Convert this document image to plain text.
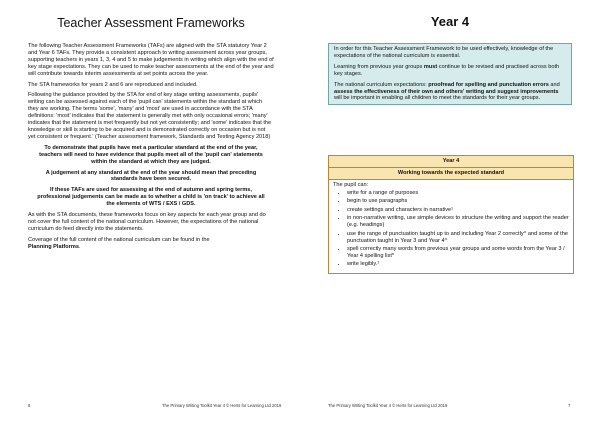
Teacher Assessment Frameworks

The following Teacher Assessment Frameworks (TAFs) are aligned with the STA statutory Year 2 and Year 6 TAFs. They provide a consistent approach to writing assessment across year groups, supporting teachers in years 1, 3, 4 and 5 to make judgements in writing which align with the end of key stage expectations. They can be used to make teacher assessments at the end of the year and will contribute towards interim assessments at set points across the year.

The STA frameworks for years 2 and 6 are reproduced and included.

Following the guidance provided by the STA for end of key stage writing assessments, pupils' writing can be assessed against each of the 'pupil can' statements within the standard at which they are working. The terms 'some', 'many' and 'most' are used in accordance with the STA definitions: 'most' indicates that the statement is generally met with only occasional errors; 'many' indicates that the statement is met frequently but not yet consistently; and 'some' indicates that the knowledge or skill is starting to be acquired and is demonstrated correctly on occasion but is not yet consistent or frequent.' (Teacher assessment framework, Standards and Testing Agency 2018)

To demonstrate that pupils have met a particular standard at the end of the year, teachers will need to have evidence that pupils meet all of the 'pupil can' statements within the standard at which they are judged.

A judgement at any standard at the end of the year should mean that preceding standards have been secured.

If these TAFs are used for assessing at the end of autumn and spring terms, professional judgements can be made as to whether a child is 'on track' to achieve all the elements of WTS / EXS / GDS.

As with the STA documents, these frameworks focus on key aspects for each year group and do not cover the full content of the national curriculum. However, the expectations of the national curriculum do feed directly into the statements.

Coverage of the full content of the national curriculum can be found in the
Planning Platforms.

6	The Primary Writing Toolkit Year 4 © Herts for Learning Ltd 2019
Year 4

In order for this Teacher Assessment Framework to be used effectively, knowledge of the expectations of the national curriculum is essential.

Learning from previous year groups must continue to be revised and practised across both key stages.

The national curriculum expectations: proofread for spelling and punctuation errors and assess the effectiveness of their own and others' writing and suggest improvements will be important in enabling all children to meet the standards for their year groups.

Year 4
Working towards the expected standard
The pupil can:
• write for a range of purposes
• begin to use paragraphs
• create settings and characters in narrative¹
• in non-narrative writing, use simple devices to structure the writing and support the reader (e.g. headings)
• use the range of punctuation taught up to and including Year 2 correctly^ and some of the punctuation taught in Year 3 and Year 4^
• spell correctly many words from previous year groups and some words from the Year 3 / Year 4 spelling list*
• write legibly.¹
The Primary Writing Toolkit Year 4 © Herts for Learning Ltd 2019	7
